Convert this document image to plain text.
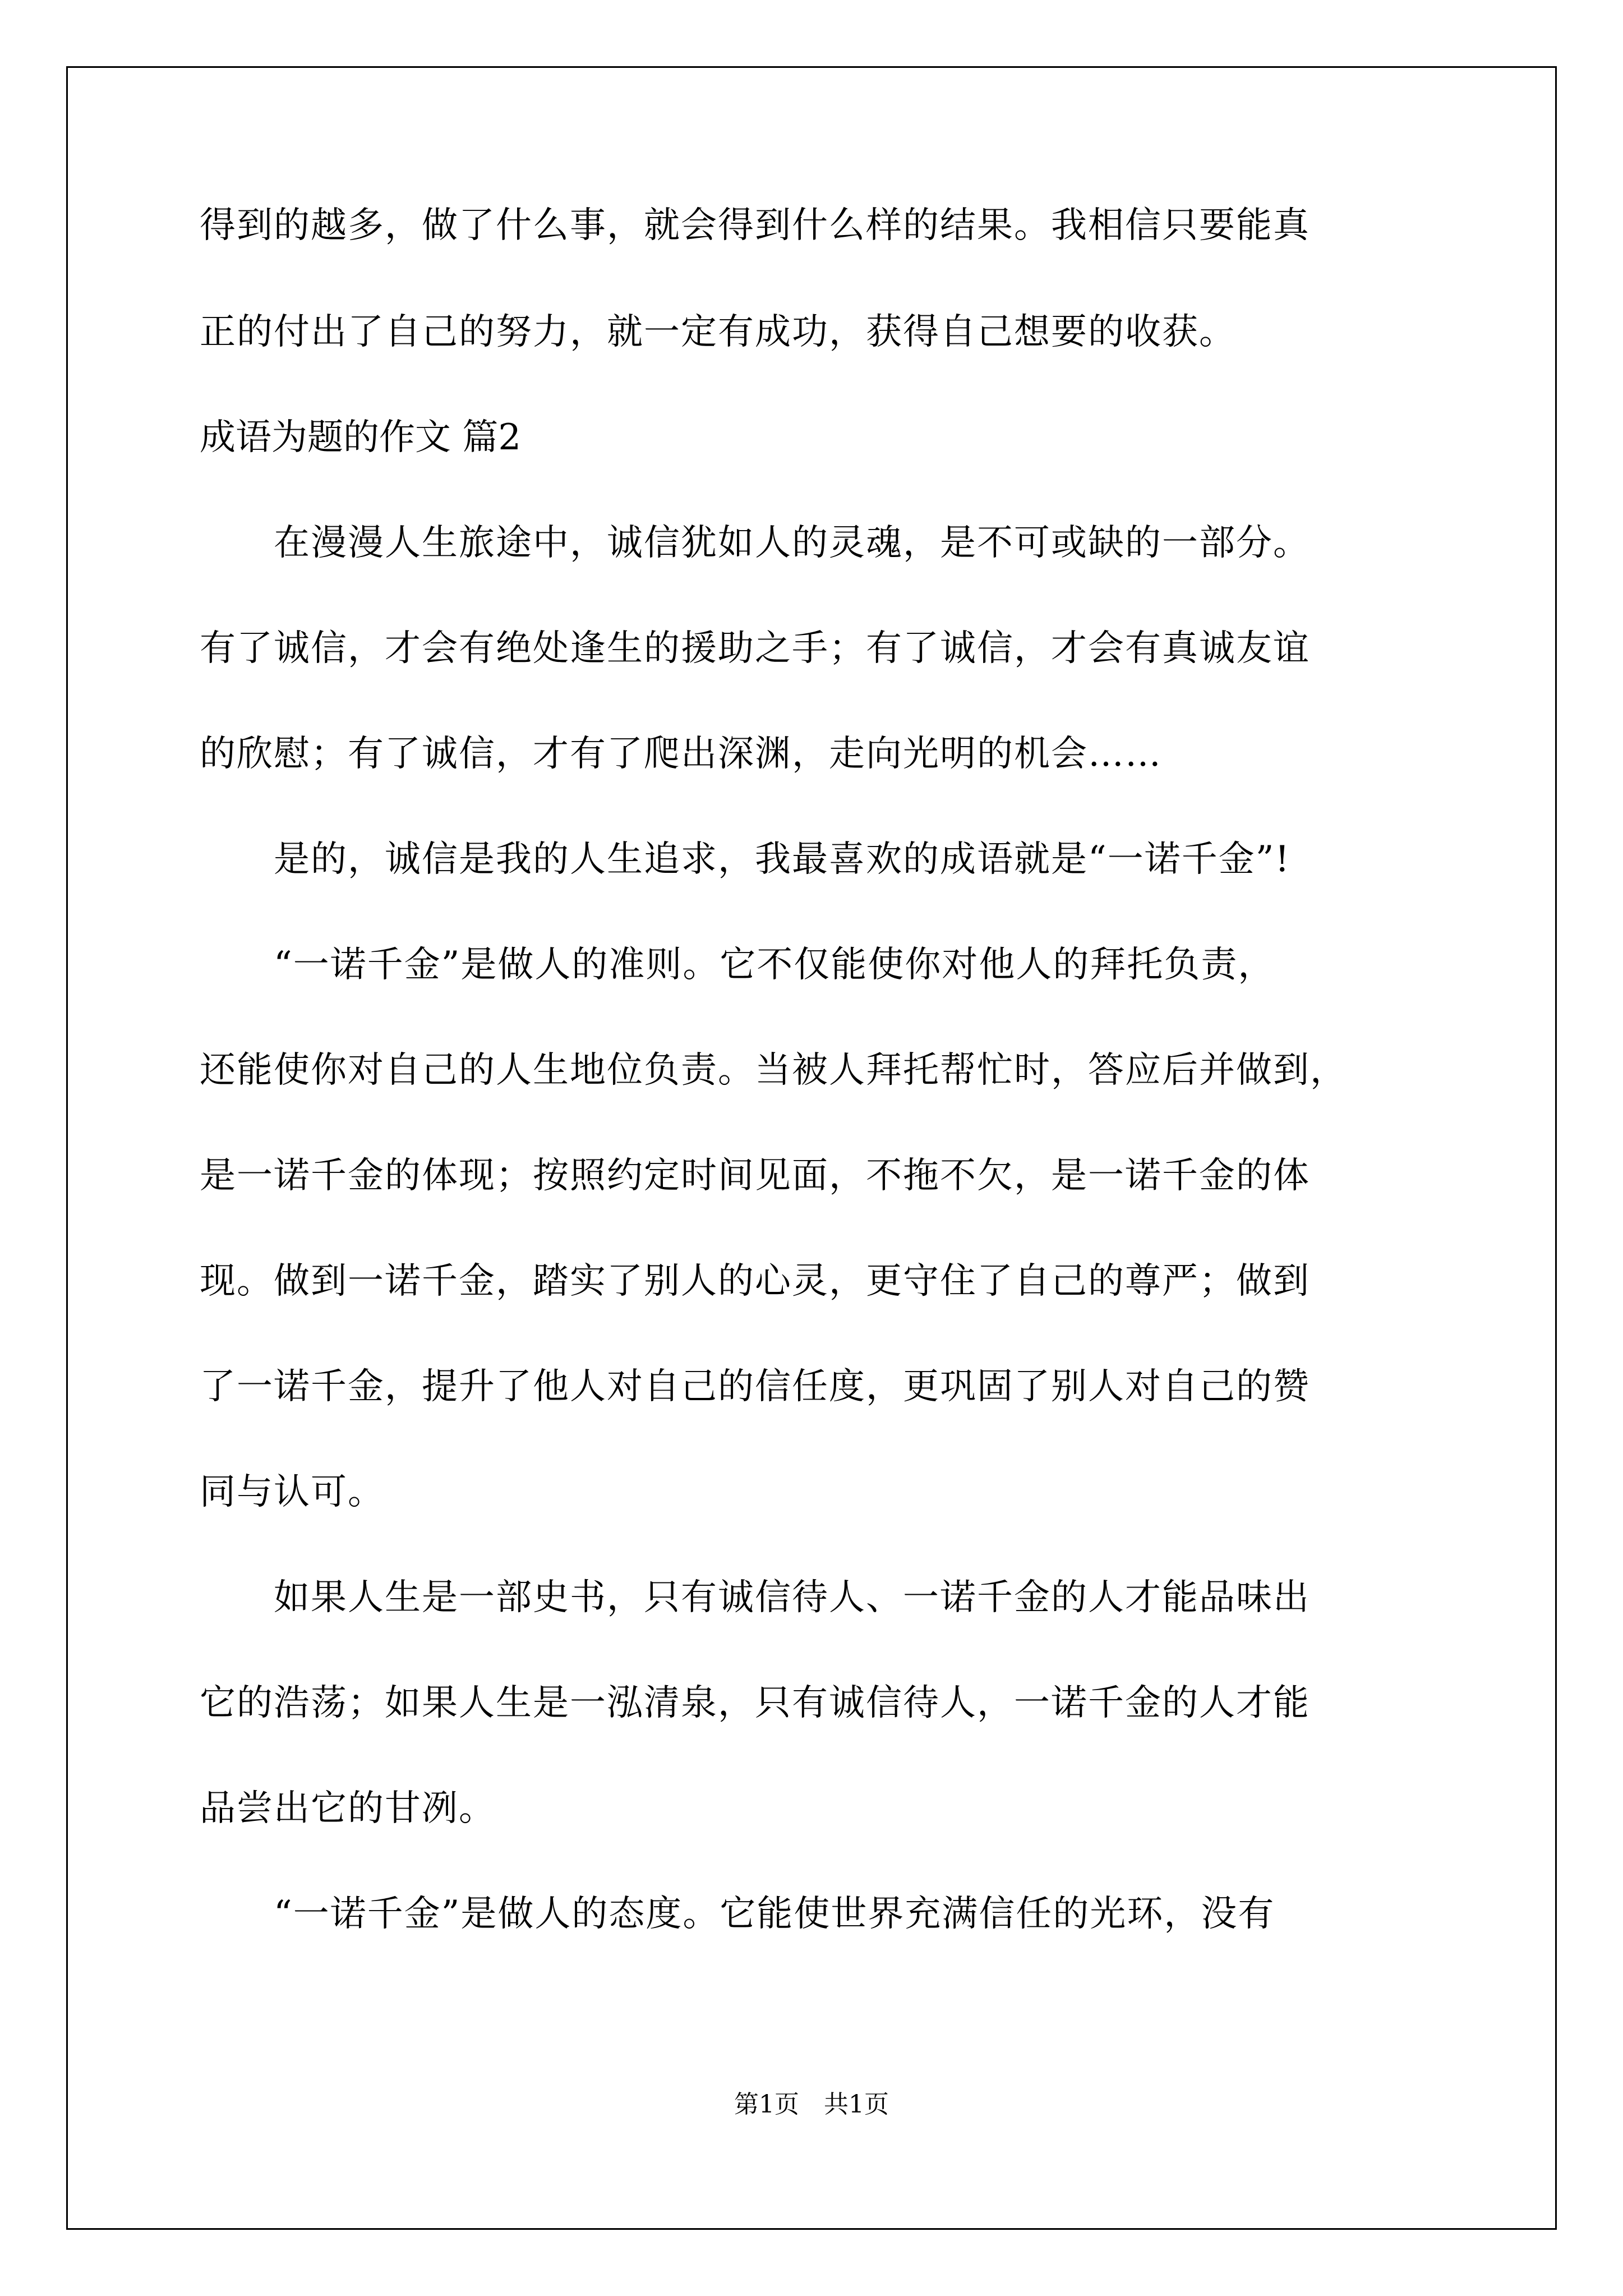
得到的越多，做了什么事，就会得到什么样的结果。我相信只要能真
正的付出了自己的努力，就一定有成功，获得自己想要的收获。
成语为题的作文 篇2
　　在漫漫人生旅途中，诚信犹如人的灵魂，是不可或缺的一部分。
有了诚信，才会有绝处逢生的援助之手；有了诚信，才会有真诚友谊
的欣慰；有了诚信，才有了爬出深渊，走向光明的机会……
　　是的，诚信是我的人生追求，我最喜欢的成语就是“一诺千金”!
　　“一诺千金”是做人的准则。它不仅能使你对他人的拜托负责，
还能使你对自己的人生地位负责。当被人拜托帮忙时，答应后并做到，
是一诺千金的体现；按照约定时间见面，不拖不欠，是一诺千金的体
现。做到一诺千金，踏实了别人的心灵，更守住了自己的尊严；做到
了一诺千金，提升了他人对自己的信任度，更巩固了别人对自己的赞
同与认可。
　　如果人生是一部史书，只有诚信待人、一诺千金的人才能品味出
它的浩荡；如果人生是一泓清泉，只有诚信待人，一诺千金的人才能
品尝出它的甘冽。
　　“一诺千金”是做人的态度。它能使世界充满信任的光环，没有
第1页　共1页
